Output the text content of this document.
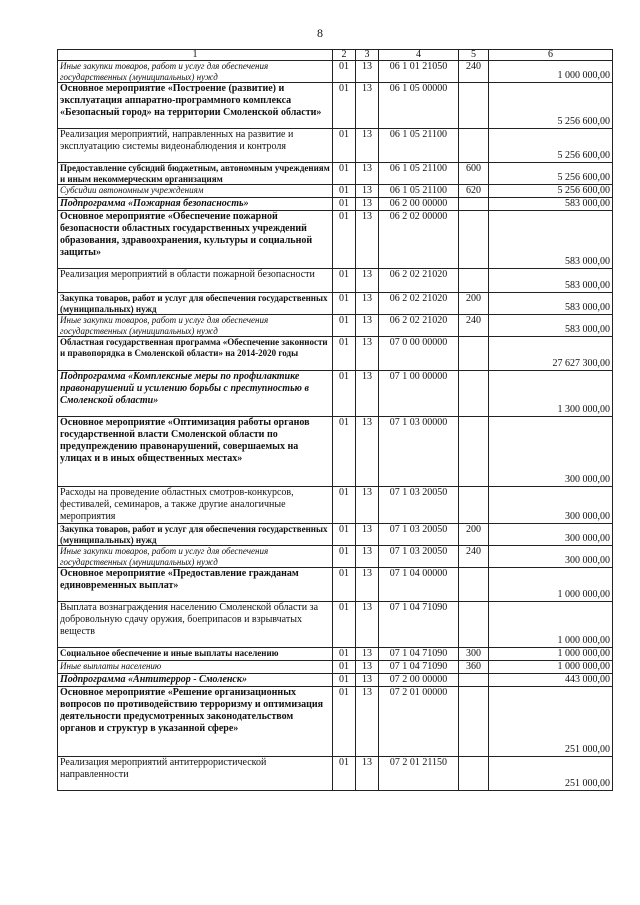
8
1	2	3	4	5	6
Иные закупки товаров, работ и услуг для обеспечения государственных (муниципальных) нужд	01	13	06 1 01 21050	240	1 000 000,00
Основное мероприятие «Построение (развитие) и эксплуатация аппаратно-программного комплекса «Безопасный город» на территории Смоленской области»	01	13	06 1 05 00000		5 256 600,00
Реализация мероприятий, направленных на развитие и эксплуатацию системы видеонаблюдения и контроля	01	13	06 1 05 21100		5 256 600,00
Предоставление субсидий бюджетным, автономным учреждениям и иным некоммерческим организациям	01	13	06 1 05 21100	600	5 256 600,00
Субсидии автономным учреждениям	01	13	06 1 05 21100	620	5 256 600,00
Подпрограмма «Пожарная безопасность»	01	13	06 2 00 00000		583 000,00
Основное мероприятие «Обеспечение пожарной безопасности областных государственных учреждений образования, здравоохранения, культуры и социальной защиты»	01	13	06 2 02 00000		583 000,00
Реализация мероприятий в области пожарной безопасности	01	13	06 2 02 21020		583 000,00
Закупка товаров, работ и услуг для обеспечения государственных (муниципальных) нужд	01	13	06 2 02 21020	200	583 000,00
Иные закупки товаров, работ и услуг для обеспечения государственных (муниципальных) нужд	01	13	06 2 02 21020	240	583 000,00
Областная государственная программа «Обеспечение законности и правопорядка в Смоленской области» на 2014-2020 годы	01	13	07 0 00 00000		27 627 300,00
Подпрограмма «Комплексные меры по профилактике правонарушений и усилению борьбы с преступностью в Смоленской области»	01	13	07 1 00 00000		1 300 000,00
Основное мероприятие «Оптимизация работы органов государственной власти Смоленской области по предупреждению правонарушений, совершаемых на улицах и в иных общественных местах»	01	13	07 1 03 00000		300 000,00
Расходы на проведение областных смотров-конкурсов, фестивалей, семинаров, а также другие аналогичные мероприятия	01	13	07 1 03 20050		300 000,00
Закупка товаров, работ и услуг для обеспечения государственных (муниципальных) нужд	01	13	07 1 03 20050	200	300 000,00
Иные закупки товаров, работ и услуг для обеспечения государственных (муниципальных) нужд	01	13	07 1 03 20050	240	300 000,00
Основное мероприятие «Предоставление гражданам единовременных выплат»	01	13	07 1 04 00000		1 000 000,00
Выплата вознаграждения населению Смоленской области за добровольную сдачу оружия, боеприпасов и взрывчатых веществ	01	13	07 1 04 71090		1 000 000,00
Социальное обеспечение и иные выплаты населению	01	13	07 1 04 71090	300	1 000 000,00
Иные выплаты населению	01	13	07 1 04 71090	360	1 000 000,00
Подпрограмма «Антитеррор - Смоленск»	01	13	07 2 00 00000		443 000,00
Основное мероприятие «Решение организационных вопросов по противодействию терроризму и оптимизация деятельности предусмотренных законодательством органов и структур в указанной сфере»	01	13	07 2 01 00000		251 000,00
Реализация мероприятий антитеррористической направленности	01	13	07 2 01 21150		251 000,00
